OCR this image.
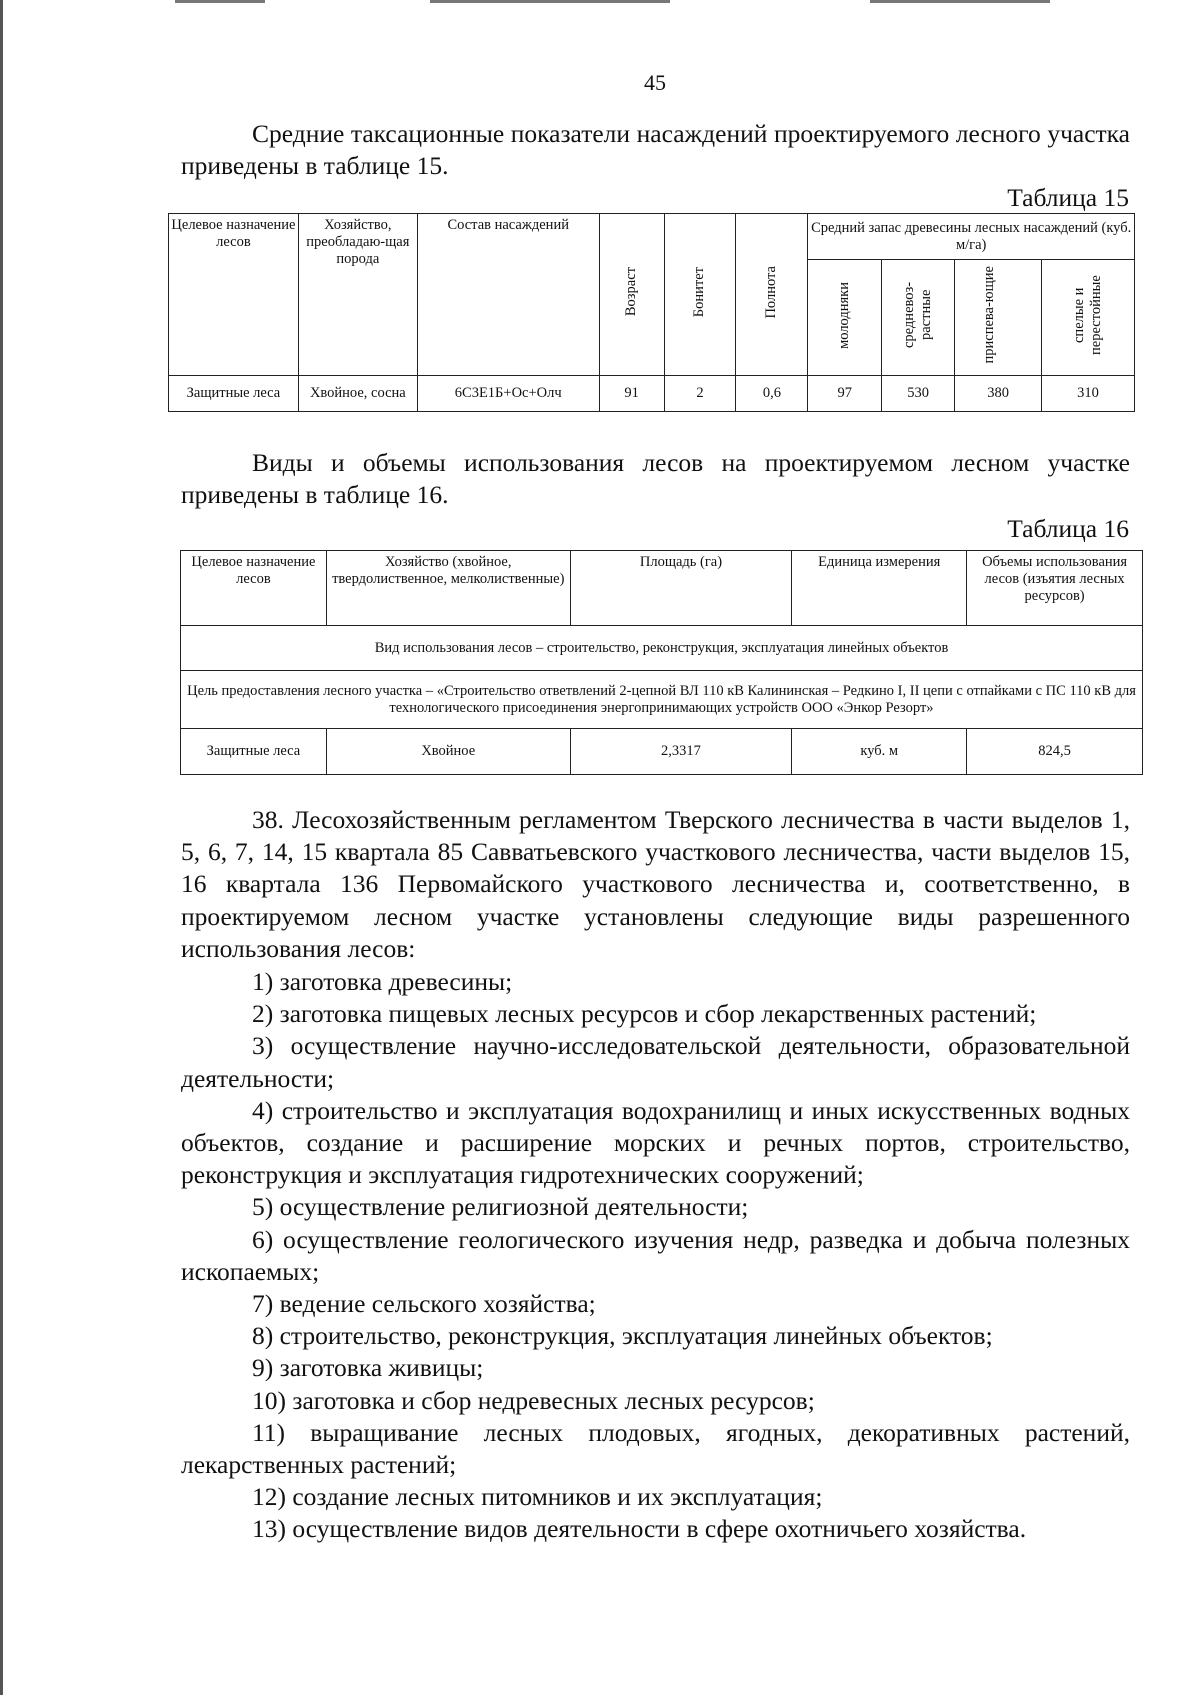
45

Средние таксационные показатели насаждений проектируемого лесного участка приведены в таблице 15.

Таблица 15
Целевое назначение лесов	Хозяйство, преобладаю-щая порода	Состав насаждений	Возраст	Бонитет	Полнота	Средний запас древесины лесных насаждений (куб. м/га)			
						молодняки	средневоз-растные	приспева-ющие	спелые и перестойные
Защитные леса	Хвойное, сосна	6С3Е1Б+Ос+Олч	91	2	0,6	97	530	380	310

Виды и объемы использования лесов на проектируемом лесном участке приведены в таблице 16.

Таблица 16
Целевое назначение лесов	Хозяйство (хвойное, твердолиственное, мелколиственные)	Площадь (га)	Единица измерения	Объемы использования лесов (изъятия лесных ресурсов)
Вид использования лесов – строительство, реконструкция, эксплуатация линейных объектов				
Цель предоставления лесного участка – «Строительство ответвлений 2-цепной ВЛ 110 кВ Калининская – Редкино I, II цепи с отпайками с ПС 110 кВ для технологического присоединения энергопринимающих устройств ООО «Энкор Резорт»				
Защитные леса	Хвойное	2,3317	куб. м	824,5

38. Лесохозяйственным регламентом Тверского лесничества в части выделов 1, 5, 6, 7, 14, 15 квартала 85 Савватьевского участкового лесничества, части выделов 15, 16 квартала 136 Первомайского участкового лесничества и, соответственно, в проектируемом лесном участке установлены следующие виды разрешенного использования лесов:

1) заготовка древесины;

2) заготовка пищевых лесных ресурсов и сбор лекарственных растений;

3) осуществление научно-исследовательской деятельности, образовательной деятельности;

4) строительство и эксплуатация водохранилищ и иных искусственных водных объектов, создание и расширение морских и речных портов, строительство, реконструкция и эксплуатация гидротехнических сооружений;

5) осуществление религиозной деятельности;

6) осуществление геологического изучения недр, разведка и добыча полезных ископаемых;

7) ведение сельского хозяйства;

8) строительство, реконструкция, эксплуатация линейных объектов;

9) заготовка живицы;

10) заготовка и сбор недревесных лесных ресурсов;

11) выращивание лесных плодовых, ягодных, декоративных растений, лекарственных растений;

12) создание лесных питомников и их эксплуатация;

13) осуществление видов деятельности в сфере охотничьего хозяйства.
